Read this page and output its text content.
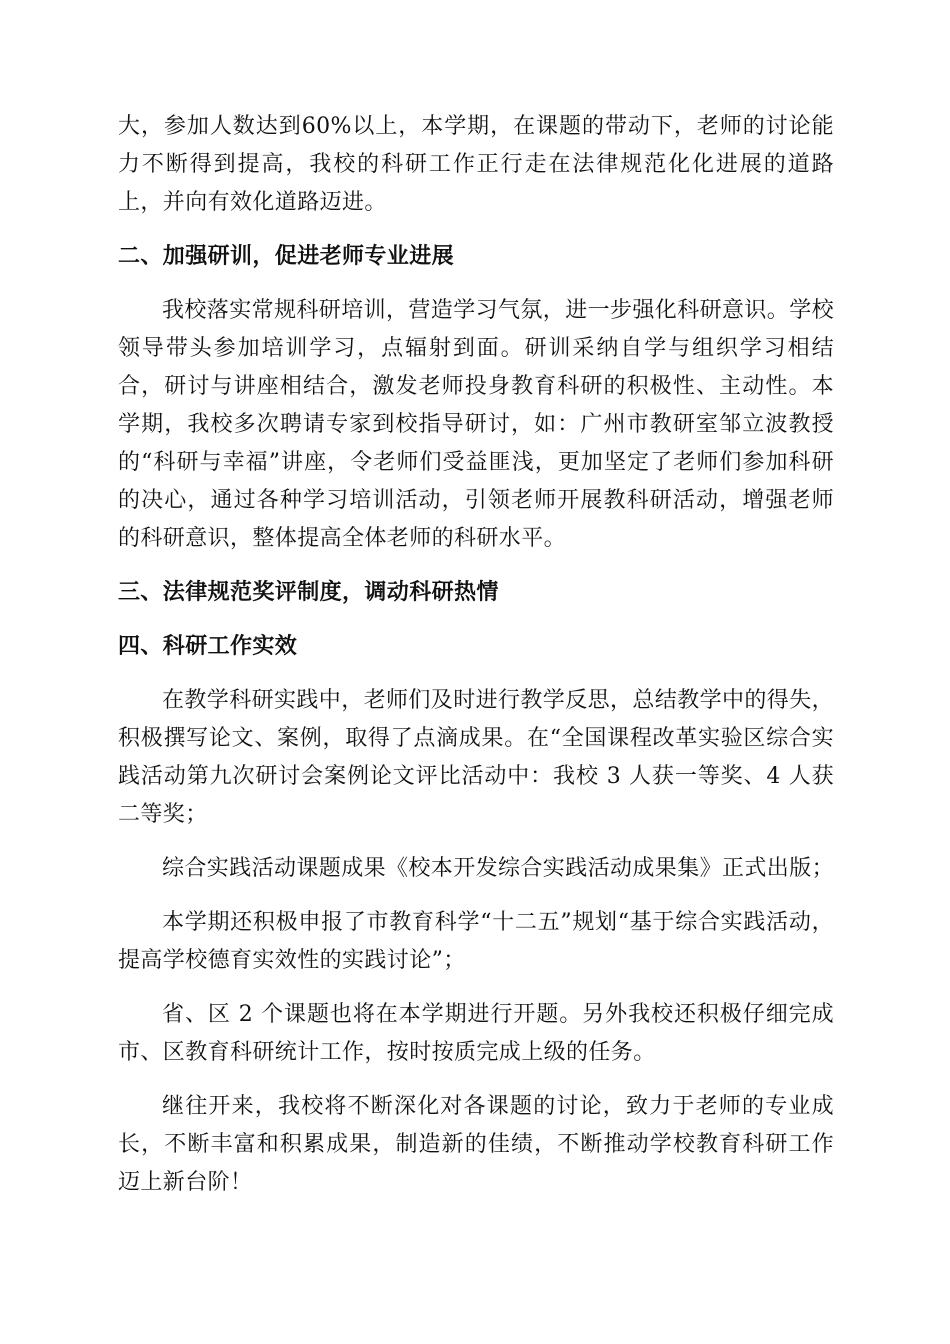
大，参加人数达到60%以上，本学期，在课题的带动下，老师的讨论能力不断得到提高，我校的科研工作正行走在法律规范化化进展的道路上，并向有效化道路迈进。

二、加强研训，促进老师专业进展

我校落实常规科研培训，营造学习气氛，进一步强化科研意识。学校领导带头参加培训学习，点辐射到面。研训采纳自学与组织学习相结合，研讨与讲座相结合，激发老师投身教育科研的积极性、主动性。本学期，我校多次聘请专家到校指导研讨，如：广州市教研室邹立波教授的“科研与幸福”讲座，令老师们受益匪浅，更加坚定了老师们参加科研的决心，通过各种学习培训活动，引领老师开展教科研活动，增强老师的科研意识，整体提高全体老师的科研水平。

三、法律规范奖评制度，调动科研热情

四、科研工作实效

在教学科研实践中，老师们及时进行教学反思，总结教学中的得失，积极撰写论文、案例，取得了点滴成果。在“全国课程改革实验区综合实践活动第九次研讨会案例论文评比活动中：我校 3 人获一等奖、4 人获二等奖；

综合实践活动课题成果《校本开发综合实践活动成果集》正式出版；

本学期还积极申报了市教育科学“十二五”规划“基于综合实践活动，提高学校德育实效性的实践讨论”；

省、区 2 个课题也将在本学期进行开题。另外我校还积极仔细完成市、区教育科研统计工作，按时按质完成上级的任务。

继往开来，我校将不断深化对各课题的讨论，致力于老师的专业成长，不断丰富和积累成果，制造新的佳绩，不断推动学校教育科研工作迈上新台阶！
